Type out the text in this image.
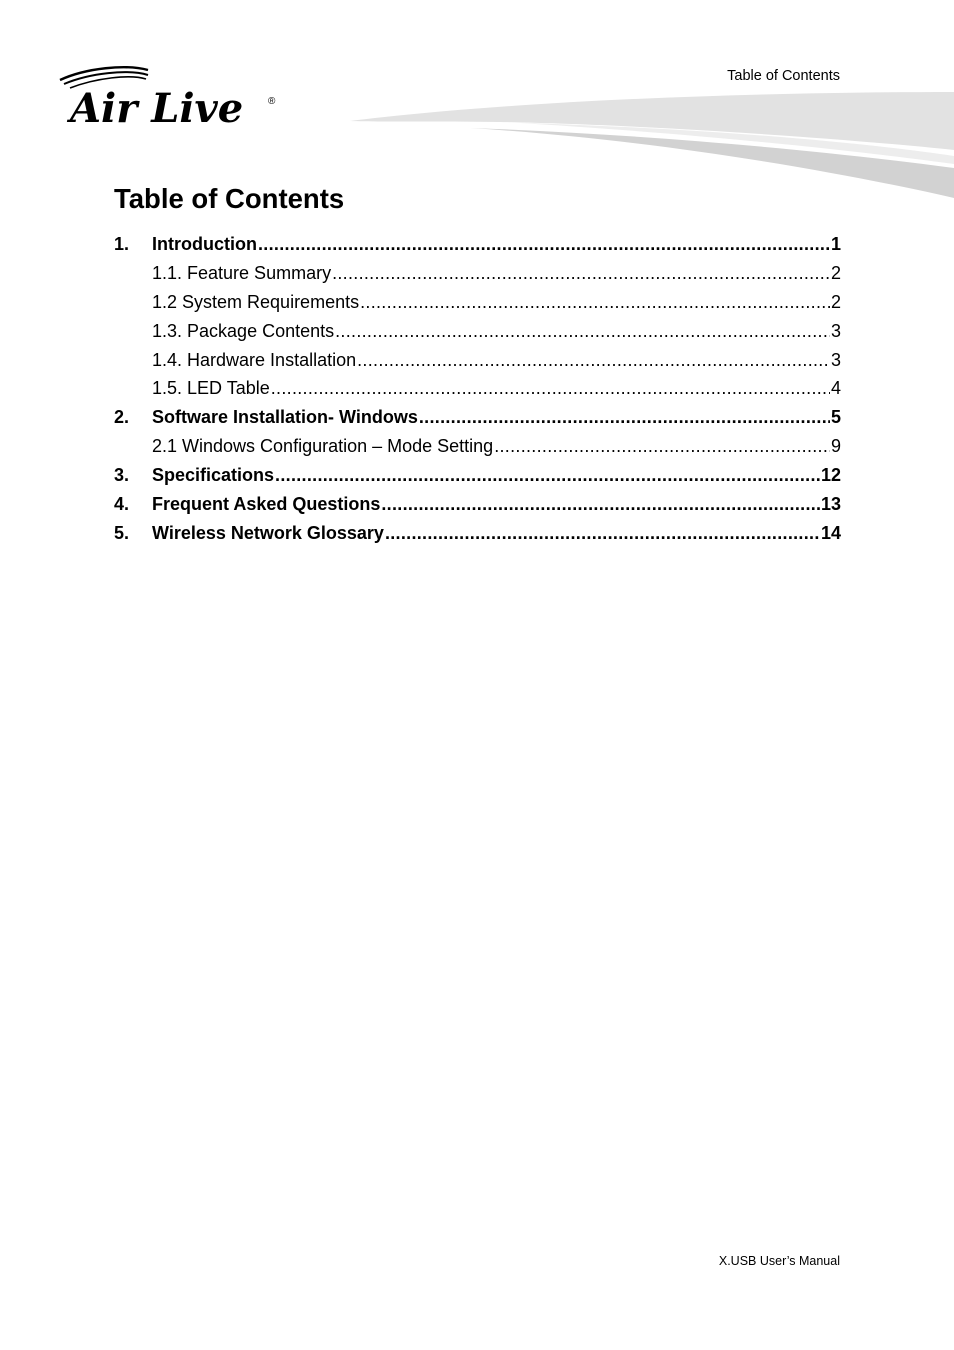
Air Live ®
Table of Contents
Table of Contents
1.	Introduction .....	1
1.1. Feature Summary .....	2
1.2 System Requirements .....	2
1.3. Package Contents .....	3
1.4. Hardware Installation .....	3
1.5. LED Table .....	4
2.	Software Installation- Windows .....	5
2.1 Windows Configuration – Mode Setting .....	9
3.	Specifications .....	12
4.	Frequent Asked Questions .....	13
5.	Wireless Network Glossary .....	14
X.USB User’s Manual
